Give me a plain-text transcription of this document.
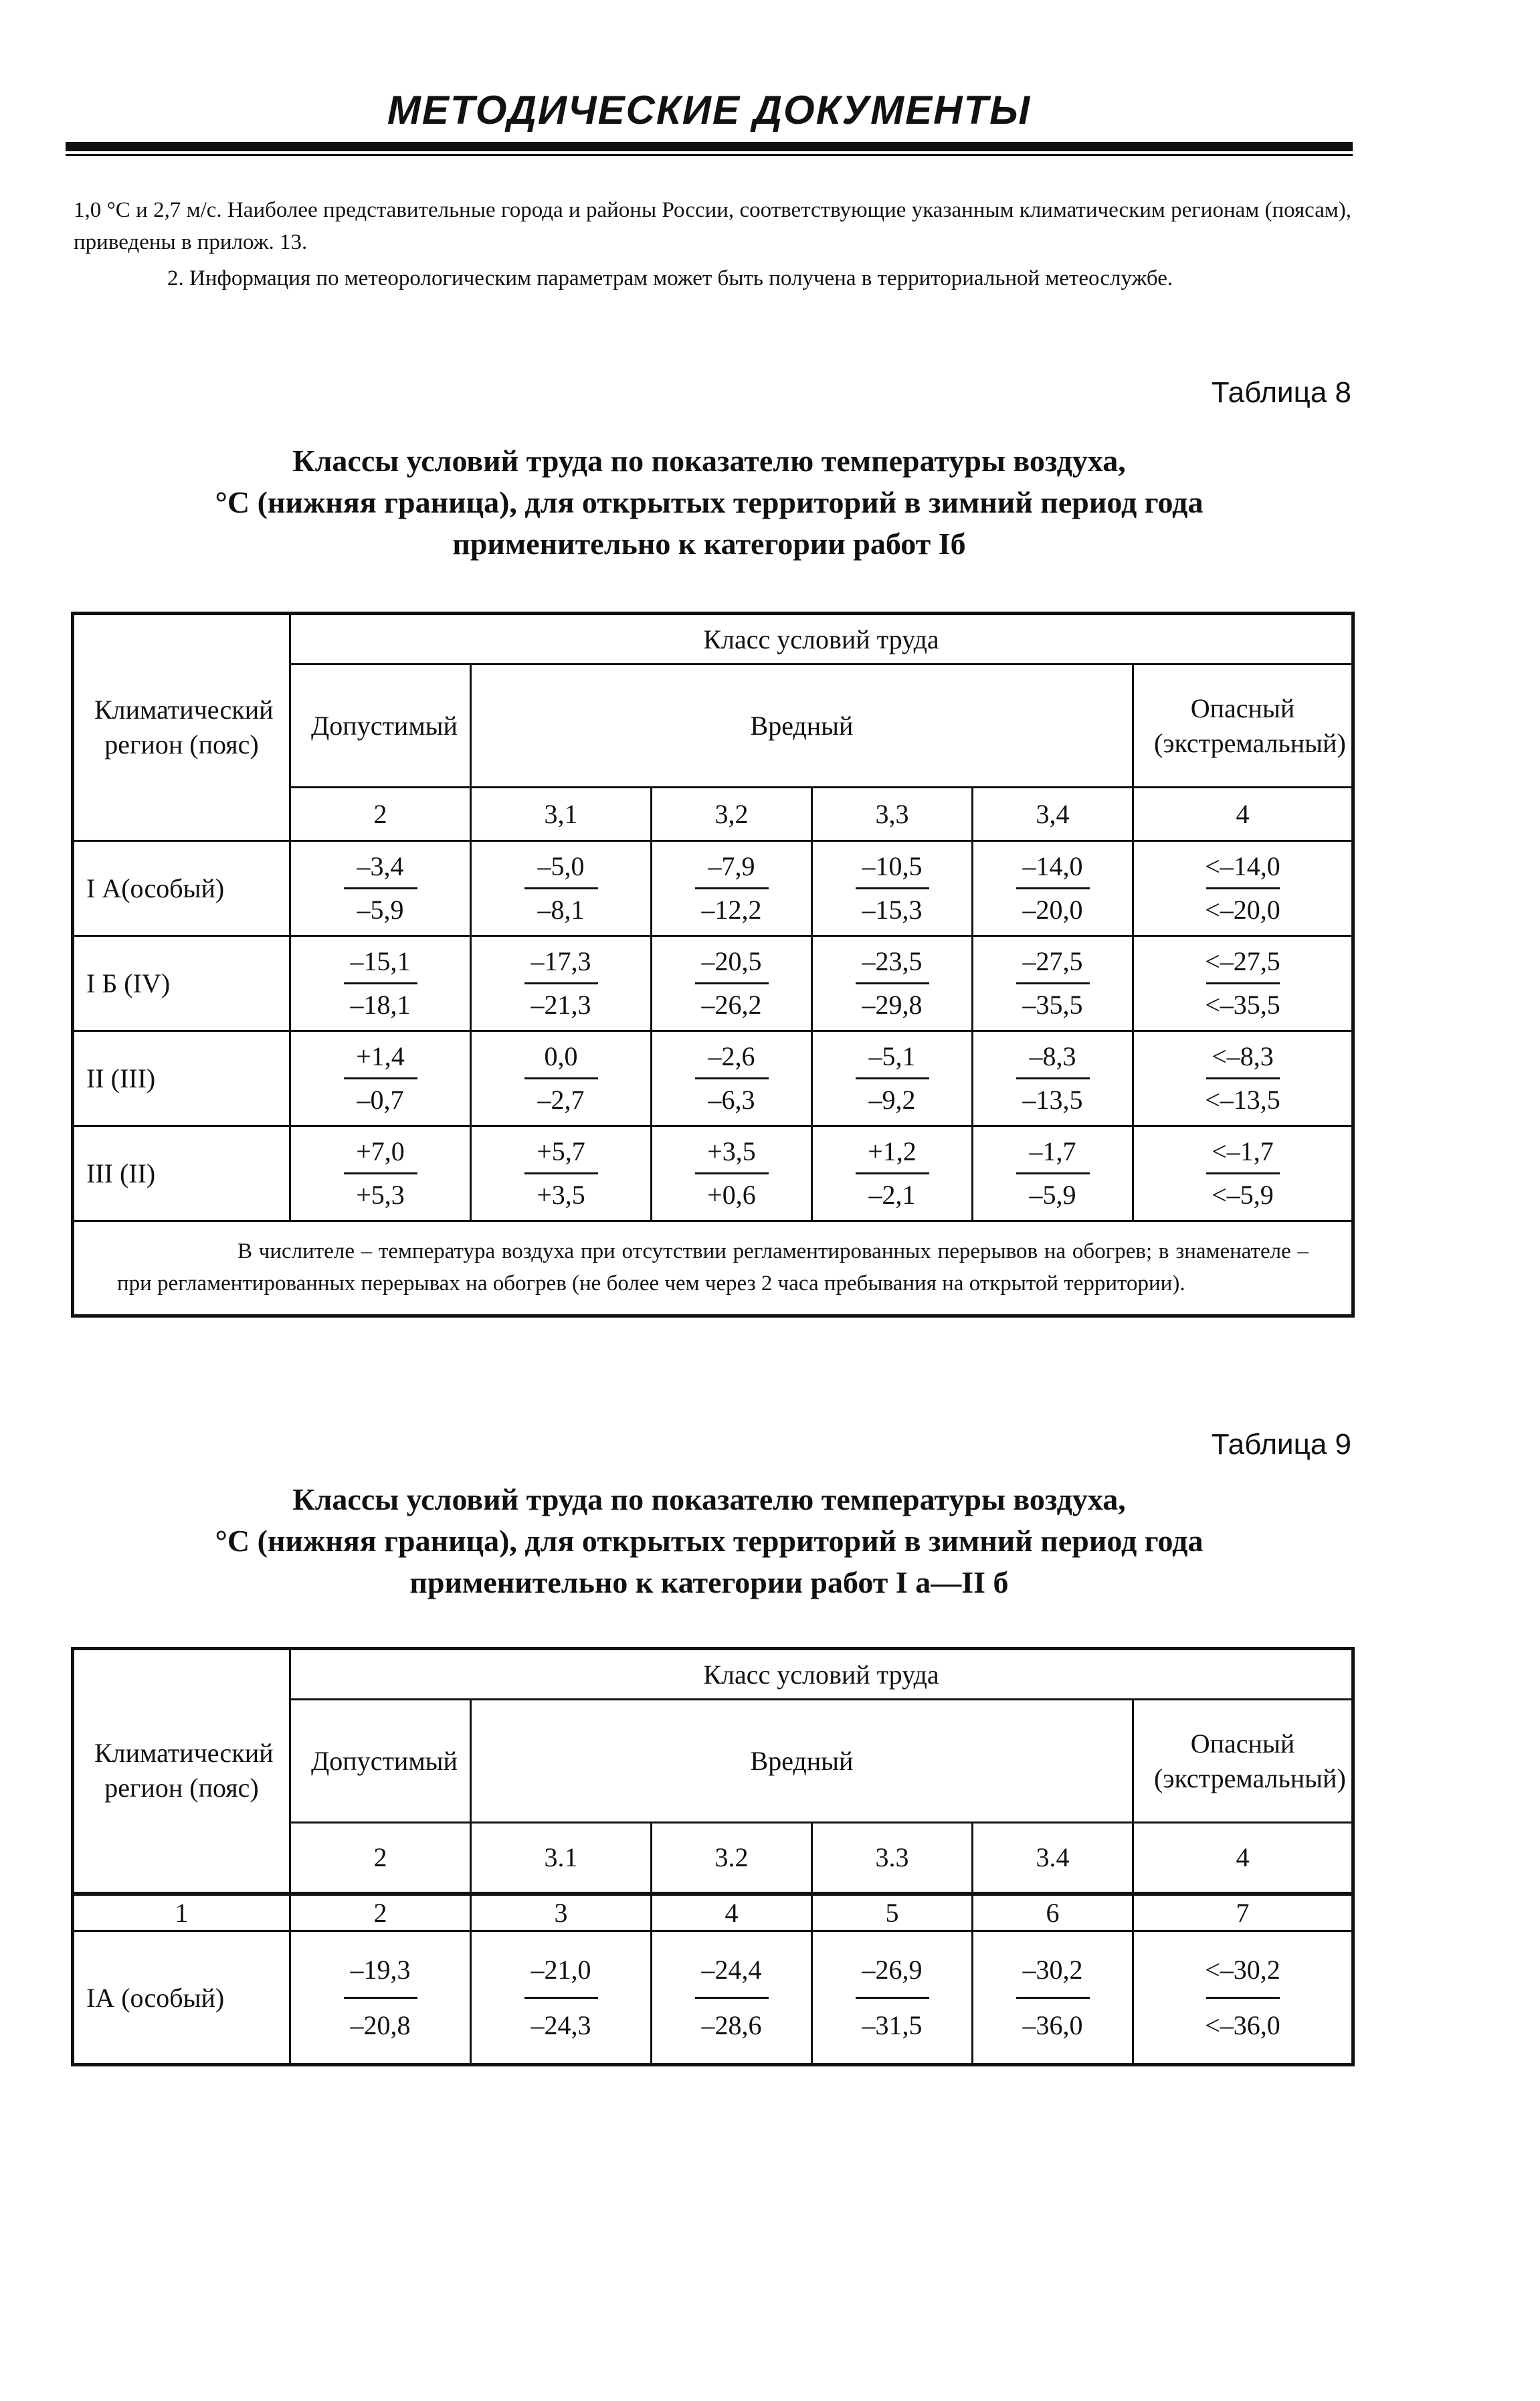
МЕТОДИЧЕСКИЕ ДОКУМЕНТЫ
1,0 °С и 2,7 м/с. Наиболее представительные города и районы России, соответствующие указанным климатическим регионам (поясам), приведены в прилож. 13.
2. Информация по метеорологическим параметрам может быть получена в территориальной метеослужбе.
Таблица 8
Классы условий труда по показателю температуры воздуха,
°С (нижняя граница), для открытых территорий в зимний период года
применительно к категории работ Iб
Климатический регион (пояс)	Класс условий труда					
	Допустимый	Вредный				Опасный (экстремальный)
	2	3,1	3,2	3,3	3,4	4
I А(особый)	$\frac{-3,4}{-5,9}$	$\frac{-5,0}{-8,1}$	$\frac{-7,9}{-12,2}$	$\frac{-10,5}{-15,3}$	$\frac{-14,0}{-20,0}$	$\frac{<-14,0}{<-20,0}$

I Б (IV)	$\frac{-15,1}{-18,1}$	$\frac{-17,3}{-21,3}$	$\frac{-20,5}{-26,2}$	$\frac{-23,5}{-29,8}$	$\frac{-27,5}{-35,5}$	$\frac{<-27,5}{<-35,5}$

II (III)	$\frac{+1,4}{-0,7}$	$\frac{0,0}{-2,7}$	$\frac{-2,6}{-6,3}$	$\frac{-5,1}{-9,2}$	$\frac{-8,3}{-13,5}$	$\frac{<-8,3}{<-13,5}$

III (II)	$\frac{+7,0}{+5,3}$	$\frac{+5,7}{+3,5}$	$\frac{+3,5}{+0,6}$	$\frac{+1,2}{-2,1}$	$\frac{-1,7}{-5,9}$	$\frac{<-1,7}{<-5,9}$

В числителе – температура воздуха при отсутствии регламентированных перерывов на обогрев; в знаменателе – при регламентированных перерывах на обогрев (не более чем через 2 часа пребывания на открытой территории).						
Таблица 9
Классы условий труда по показателю температуры воздуха,
°С (нижняя граница), для открытых территорий в зимний период года
применительно к категории работ I а—II б
Климатический регион (пояс)	Класс условий труда					
	Допустимый	Вредный				Опасный (экстремальный)
	2	3.1	3.2	3.3	3.4	4
1	2	3	4	5	6	7
IА (особый)	$\frac{-19,3}{-20,8}$	$\frac{-21,0}{-24,3}$	$\frac{-24,4}{-28,6}$	$\frac{-26,9}{-31,5}$	$\frac{-30,2}{-36,0}$	$\frac{<-30,2}{<-36,0}$
